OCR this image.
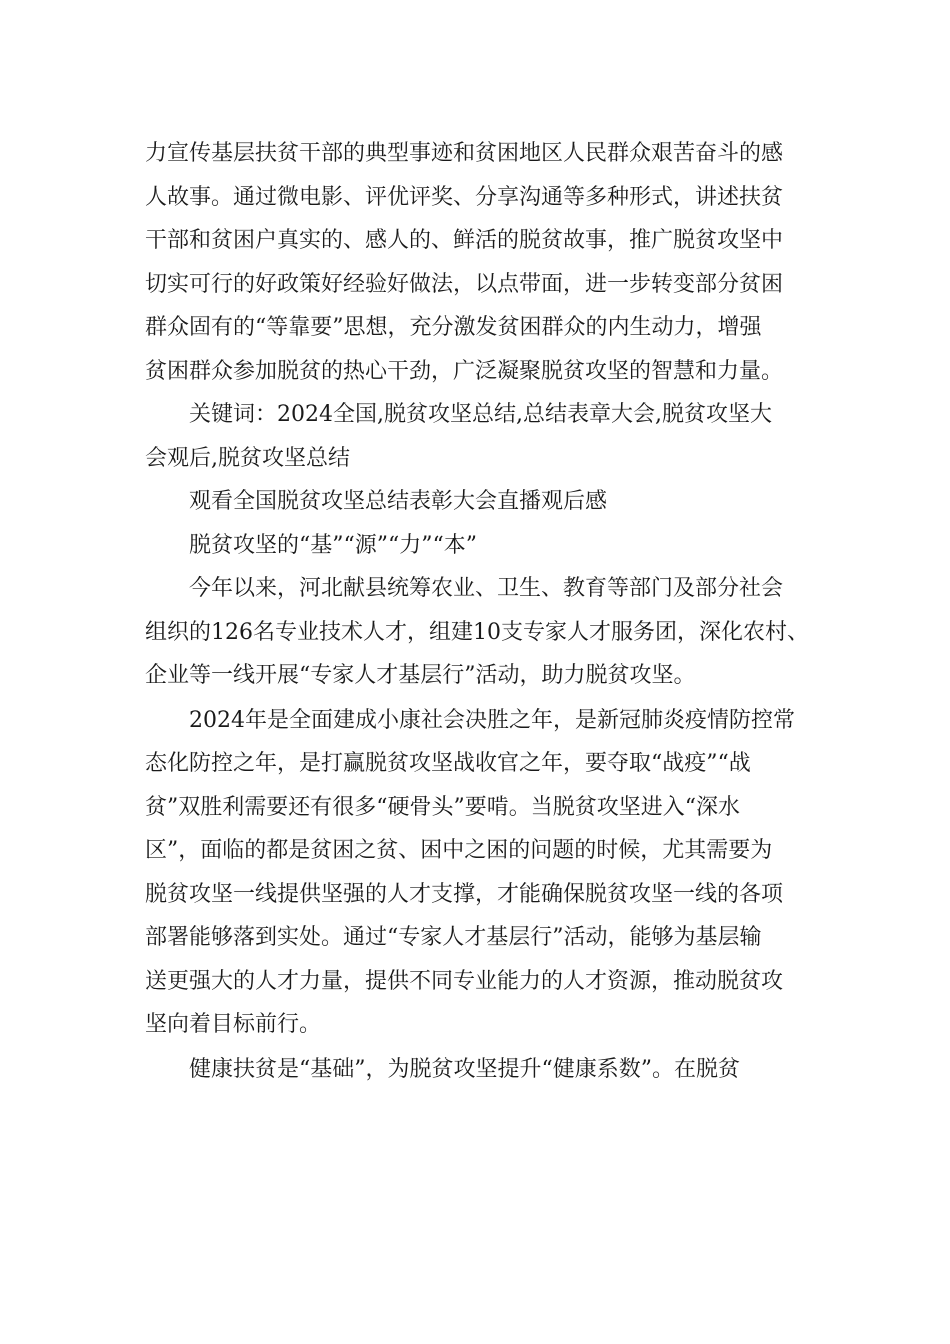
力宣传基层扶贫干部的典型事迹和贫困地区人民群众艰苦奋斗的感
人故事。通过微电影、评优评奖、分享沟通等多种形式，讲述扶贫
干部和贫困户真实的、感人的、鲜活的脱贫故事，推广脱贫攻坚中
切实可行的好政策好经验好做法，以点带面，进一步转变部分贫困
群众固有的“等靠要”思想，充分激发贫困群众的内生动力，增强
贫困群众参加脱贫的热心干劲，广泛凝聚脱贫攻坚的智慧和力量。
关键词：2024全国,脱贫攻坚总结,总结表章大会,脱贫攻坚大
会观后,脱贫攻坚总结
观看全国脱贫攻坚总结表彰大会直播观后感
脱贫攻坚的“基”“源”“力”“本”
今年以来，河北献县统筹农业、卫生、教育等部门及部分社会
组织的126名专业技术人才，组建10支专家人才服务团，深化农村、
企业等一线开展“专家人才基层行”活动，助力脱贫攻坚。
2024年是全面建成小康社会决胜之年，是新冠肺炎疫情防控常
态化防控之年，是打赢脱贫攻坚战收官之年，要夺取“战疫”“战
贫”双胜利需要还有很多“硬骨头”要啃。当脱贫攻坚进入“深水
区”，面临的都是贫困之贫、困中之困的问题的时候，尤其需要为
脱贫攻坚一线提供坚强的人才支撑，才能确保脱贫攻坚一线的各项
部署能够落到实处。通过“专家人才基层行”活动，能够为基层输
送更强大的人才力量，提供不同专业能力的人才资源，推动脱贫攻
坚向着目标前行。
健康扶贫是“基础”，为脱贫攻坚提升“健康系数”。在脱贫
